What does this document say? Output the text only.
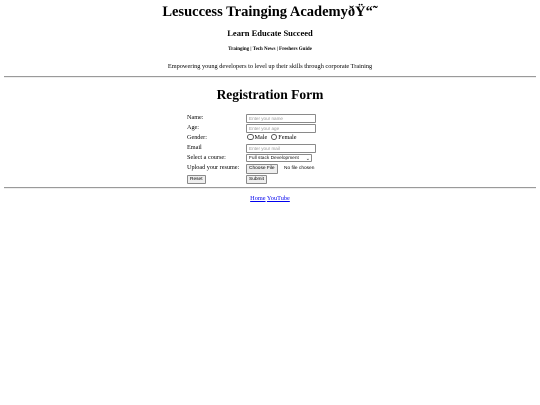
Lesuccess Trainging AcademyðŸ“˜

Learn Educate Succeed

Trainging | Tech News | Freshers Guide

Empowering young developers to level up their skills through corporate Training

Registration Form
Name:	Enter your name
Age:	Enter your age
Gender:	Male Female
Email	Enter your mail
Select a course:	Full stack Development ⌄
Upload your resume:	Choose File	No file chosen
Reset	Submit
Home YouTube
